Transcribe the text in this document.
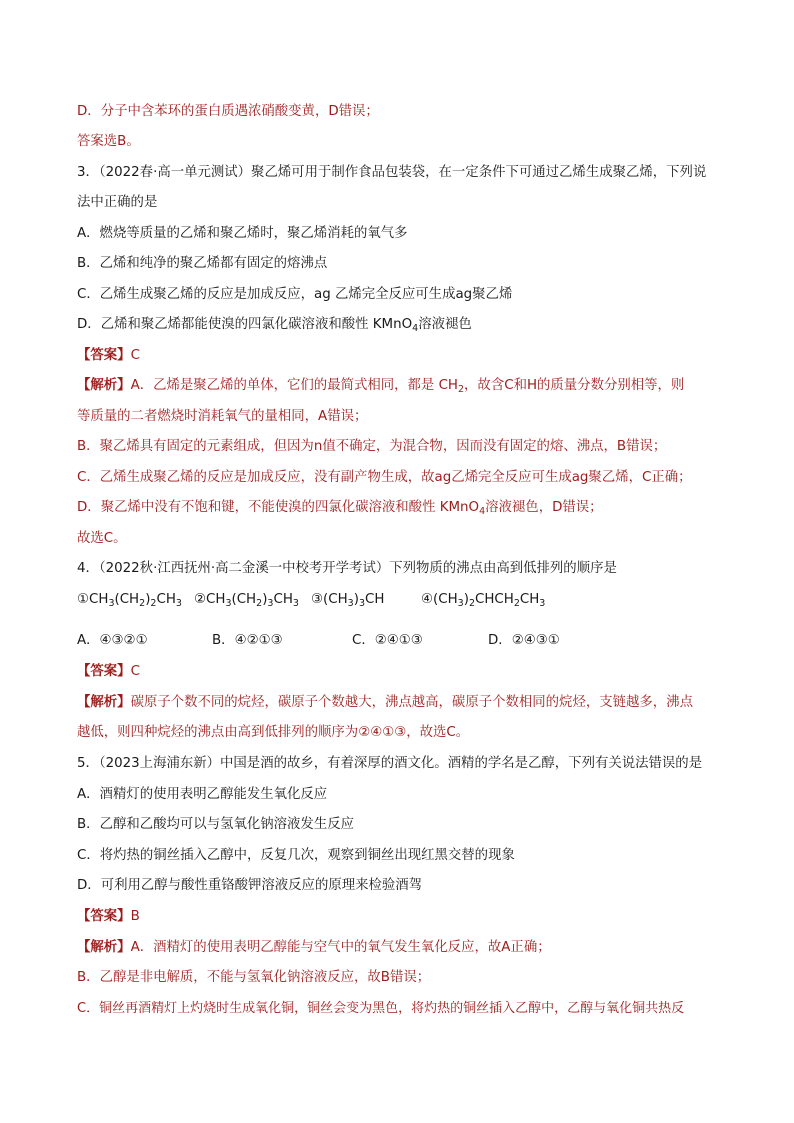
D．分子中含苯环的蛋白质遇浓硝酸变黄，D错误；
答案选B。
3．（2022春·高一单元测试）聚乙烯可用于制作食品包装袋，在一定条件下可通过乙烯生成聚乙烯，下列说
法中正确的是
A．燃烧等质量的乙烯和聚乙烯时，聚乙烯消耗的氧气多
B．乙烯和纯净的聚乙烯都有固定的熔沸点
C．乙烯生成聚乙烯的反应是加成反应，ag 乙烯完全反应可生成ag聚乙烯
D．乙烯和聚乙烯都能使溴的四氯化碳溶液和酸性 KMnO$_4$溶液褪色
【答案】C
【解析】A．乙烯是聚乙烯的单体，它们的最简式相同，都是 $CH_2$，故含C和H的质量分数分别相等，则
等质量的二者燃烧时消耗氧气的量相同，A错误；
B．聚乙烯具有固定的元素组成，但因为n值不确定，为混合物，因而没有固定的熔、沸点，B错误；
C．乙烯生成聚乙烯的反应是加成反应，没有副产物生成，故ag乙烯完全反应可生成ag聚乙烯，C正确；
D．聚乙烯中没有不饱和键，不能使溴的四氯化碳溶液和酸性 KMnO$_4$溶液褪色，D错误；
故选C。
4．（2022秋·江西抚州·高二金溪一中校考开学考试）下列物质的沸点由高到低排列的顺序是
$①CH_3(CH_2)_2CH_3$ $②CH_3(CH_2)_3CH_3$ $③(CH_3)_3CH$	$④(CH_3)_2CHCH_2CH_3$
A．④③②①	B．④②①③	C．②④①③	D．②④③①
【答案】C
【解析】碳原子个数不同的烷烃，碳原子个数越大，沸点越高，碳原子个数相同的烷烃，支链越多，沸点
越低，则四种烷烃的沸点由高到低排列的顺序为②④①③，故选C。
5．（2023上海浦东新）中国是酒的故乡，有着深厚的酒文化。酒精的学名是乙醇，下列有关说法错误的是
A．酒精灯的使用表明乙醇能发生氧化反应
B．乙醇和乙酸均可以与氢氧化钠溶液发生反应
C．将灼热的铜丝插入乙醇中，反复几次，观察到铜丝出现红黑交替的现象
D．可利用乙醇与酸性重铬酸钾溶液反应的原理来检验酒驾
【答案】B
【解析】A．酒精灯的使用表明乙醇能与空气中的氧气发生氧化反应，故A正确；
B．乙醇是非电解质，不能与氢氧化钠溶液反应，故B错误；
C．铜丝再酒精灯上灼烧时生成氧化铜，铜丝会变为黑色，将灼热的铜丝插入乙醇中，乙醇与氧化铜共热反
